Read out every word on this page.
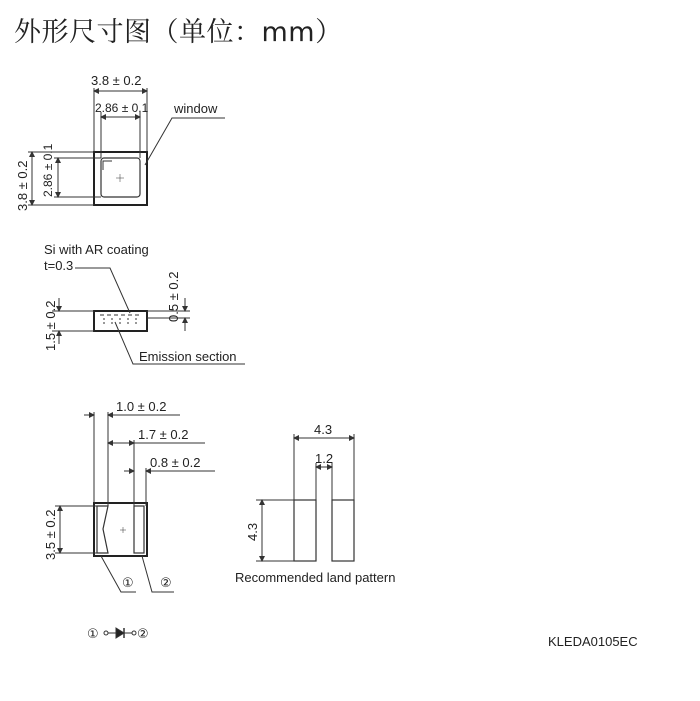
外形尺寸图（单位：mm）
3.8 ± 0.2
2.86 ± 0.1 window
3.8 ± 0.2 2.86 ± 0.1
Si with AR coating
t=0.3
1.5 ± 0.2
0.5 ± 0.2
Emission section
1.0 ± 0.2
1.7 ± 0.2
0.8 ± 0.2
3.5 ± 0.2
① ②
4.3
1.2
4.3
Recommended land pattern
①	②
KLEDA0105EC
